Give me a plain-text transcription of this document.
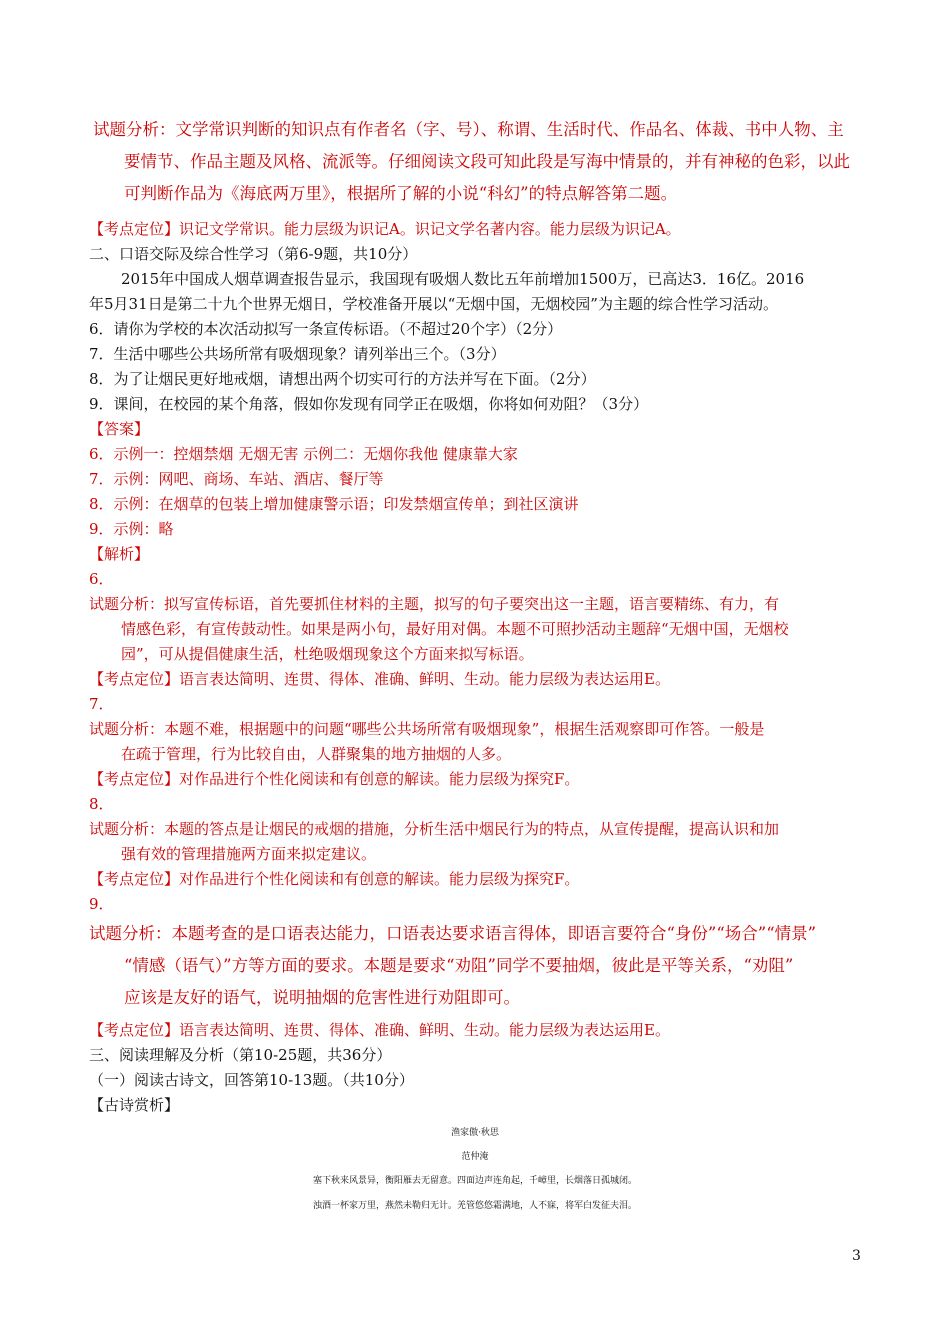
试题分析：文学常识判断的知识点有作者名（字、号）、称谓、生活时代、作品名、体裁、书中人物、主
要情节、作品主题及风格、流派等。仔细阅读文段可知此段是写海中情景的，并有神秘的色彩，以此
可判断作品为《海底两万里》，根据所了解的小说“科幻”的特点解答第二题。
【考点定位】识记文学常识。能力层级为识记A。识记文学名著内容。能力层级为识记A。
二、口语交际及综合性学习（第6-9题，共10分）
2015年中国成人烟草调查报告显示，我国现有吸烟人数比五年前增加1500万，已高达3．16亿。2016
年5月31日是第二十九个世界无烟日，学校准备开展以“无烟中国，无烟校园”为主题的综合性学习活动。
6．请你为学校的本次活动拟写一条宣传标语。（不超过20个字）（2分）
7．生活中哪些公共场所常有吸烟现象？请列举出三个。（3分）
8．为了让烟民更好地戒烟，请想出两个切实可行的方法并写在下面。（2分）
9．课间，在校园的某个角落，假如你发现有同学正在吸烟，你将如何劝阻？（3分）
【答案】
6．示例一：控烟禁烟 无烟无害 示例二：无烟你我他 健康靠大家
7．示例：网吧、商场、车站、酒店、餐厅等
8．示例：在烟草的包装上增加健康警示语；印发禁烟宣传单；到社区演讲
9．示例：略
【解析】
6．
试题分析：拟写宣传标语，首先要抓住材料的主题，拟写的句子要突出这一主题，语言要精练、有力，有
情感色彩，有宣传鼓动性。如果是两小句，最好用对偶。本题不可照抄活动主题辞“无烟中国，无烟校
园”，可从提倡健康生活，杜绝吸烟现象这个方面来拟写标语。
【考点定位】语言表达简明、连贯、得体、准确、鲜明、生动。能力层级为表达运用E。
7．
试题分析：本题不难，根据题中的问题“哪些公共场所常有吸烟现象”，根据生活观察即可作答。一般是
在疏于管理，行为比较自由，人群聚集的地方抽烟的人多。
【考点定位】对作品进行个性化阅读和有创意的解读。能力层级为探究F。
8．
试题分析：本题的答点是让烟民的戒烟的措施，分析生活中烟民行为的特点，从宣传提醒，提高认识和加
强有效的管理措施两方面来拟定建议。
【考点定位】对作品进行个性化阅读和有创意的解读。能力层级为探究F。
9．
试题分析：本题考查的是口语表达能力，口语表达要求语言得体，即语言要符合“身份”“场合”“情景”
“情感（语气）”方等方面的要求。本题是要求“劝阻”同学不要抽烟，彼此是平等关系，“劝阻”
应该是友好的语气，说明抽烟的危害性进行劝阻即可。
【考点定位】语言表达简明、连贯、得体、准确、鲜明、生动。能力层级为表达运用E。
三、阅读理解及分析（第10-25题，共36分）
（一）阅读古诗文，回答第10-13题。（共10分）
【古诗赏析】
渔家傲·秋思
范仲淹
塞下秋来风景异，衡阳雁去无留意。四面边声连角起，千嶂里，长烟落日孤城闭。
浊酒一杯家万里，燕然未勒归无计。羌管悠悠霜满地，人不寐，将军白发征夫泪。
3
